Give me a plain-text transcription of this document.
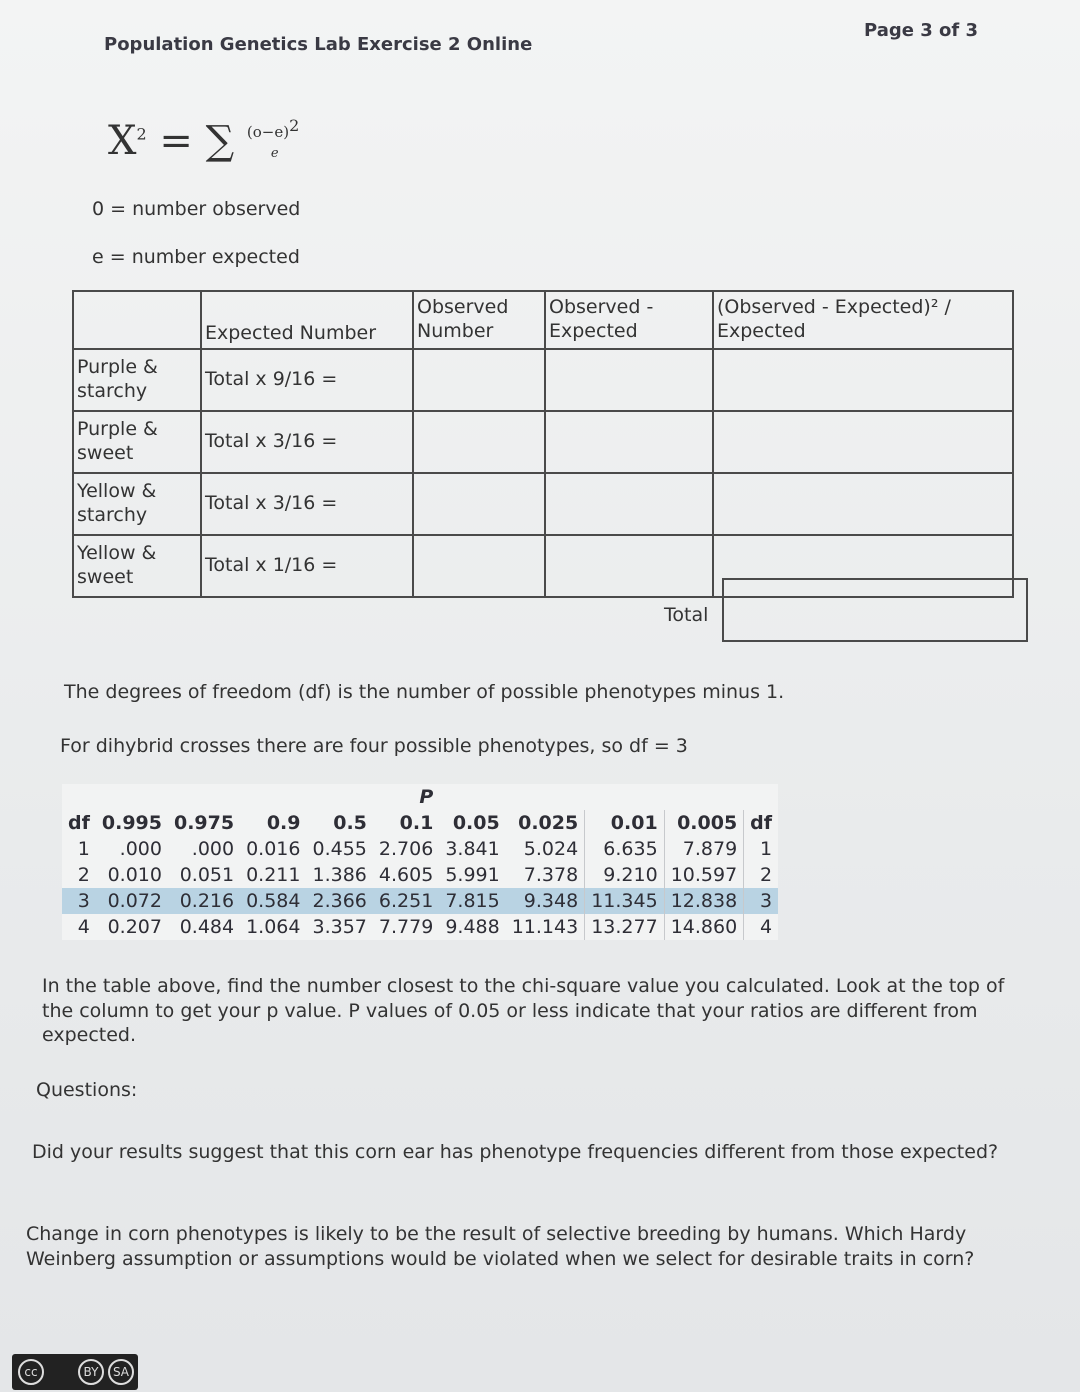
Population Genetics Lab Exercise 2 Online
Page 3 of 3
$X^2$ = ∑ $(o-e)^2$
e
0 = number observed
e = number expected
	Expected Number	Observed Number	Observed - Expected	(Observed - Expected)² / Expected
Purple & starchy	Total x 9/16 =			
Purple & sweet	Total x 3/16 =			
Yellow & starchy	Total x 3/16 =			
Yellow & sweet	Total x 1/16 =			
Total
The degrees of freedom (df) is the number of possible phenotypes minus 1.
For dihybrid crosses there are four possible phenotypes, so df = 3
P										
df	0.995	0.975	0.9	0.5	0.1	0.05	0.025	0.01	0.005	df
1	.000	.000	0.016	0.455	2.706	3.841	5.024	6.635	7.879	1
2	0.010	0.051	0.211	1.386	4.605	5.991	7.378	9.210	10.597	2
3	0.072	0.216	0.584	2.366	6.251	7.815	9.348	11.345	12.838	3
4	0.207	0.484	1.064	3.357	7.779	9.488	11.143	13.277	14.860	4
In the table above, find the number closest to the chi-square value you calculated. Look at the top of the column to get your p value. P values of 0.05 or less indicate that your ratios are different from expected.
Questions:
Did your results suggest that this corn ear has phenotype frequencies different from those expected?
Change in corn phenotypes is likely to be the result of selective breeding by humans. Which Hardy Weinberg assumption or assumptions would be violated when we select for desirable traits in corn?
cc	BY	SA
